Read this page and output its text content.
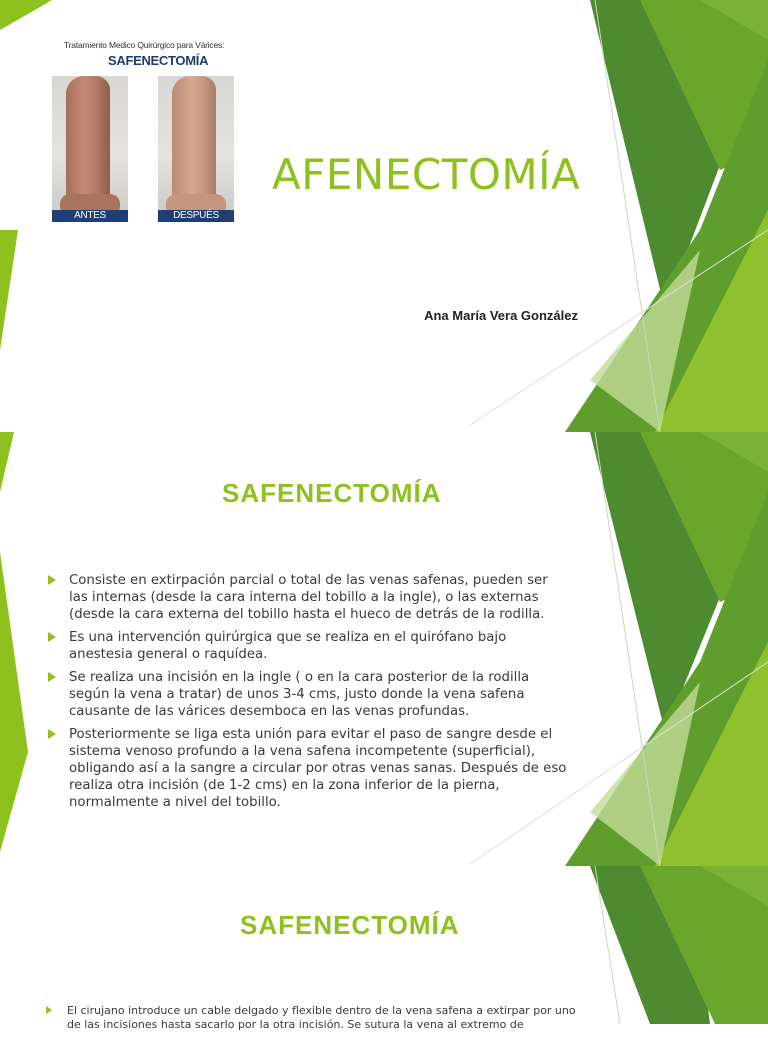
Tratamiento Medico Quirúrgico para Várices:
SAFENECTOMÍA
ANTES	DESPUÉS
AFENECTOMÍA
Ana María Vera González
SAFENECTOMÍA
Consiste en extirpación parcial o total de las venas safenas, pueden ser las internas (desde la cara interna del tobillo a la ingle), o las externas (desde la cara externa del tobillo hasta el hueco de detrás de la rodilla.
Es una intervención quirúrgica que se realiza en el quirófano bajo anestesia general o raquídea.
Se realiza una incisión en la ingle ( o en la cara posterior de la rodilla según la vena a tratar) de unos 3-4 cms, justo donde la vena safena causante de las várices desemboca en las venas profundas.
Posteriormente se liga esta unión para evitar el paso de sangre desde el sistema venoso profundo a la vena safena incompetente (superficial), obligando así a la sangre a circular por otras venas sanas. Después de eso realiza otra incisión (de 1-2 cms) en la zona inferior de la pierna, normalmente a nivel del tobillo.
SAFENECTOMÍA
El cirujano introduce un cable delgado y flexible dentro de la vena safena a extirpar por uno de las incisiones hasta sacarlo por la otra incisión. Se sutura la vena al extremo de
